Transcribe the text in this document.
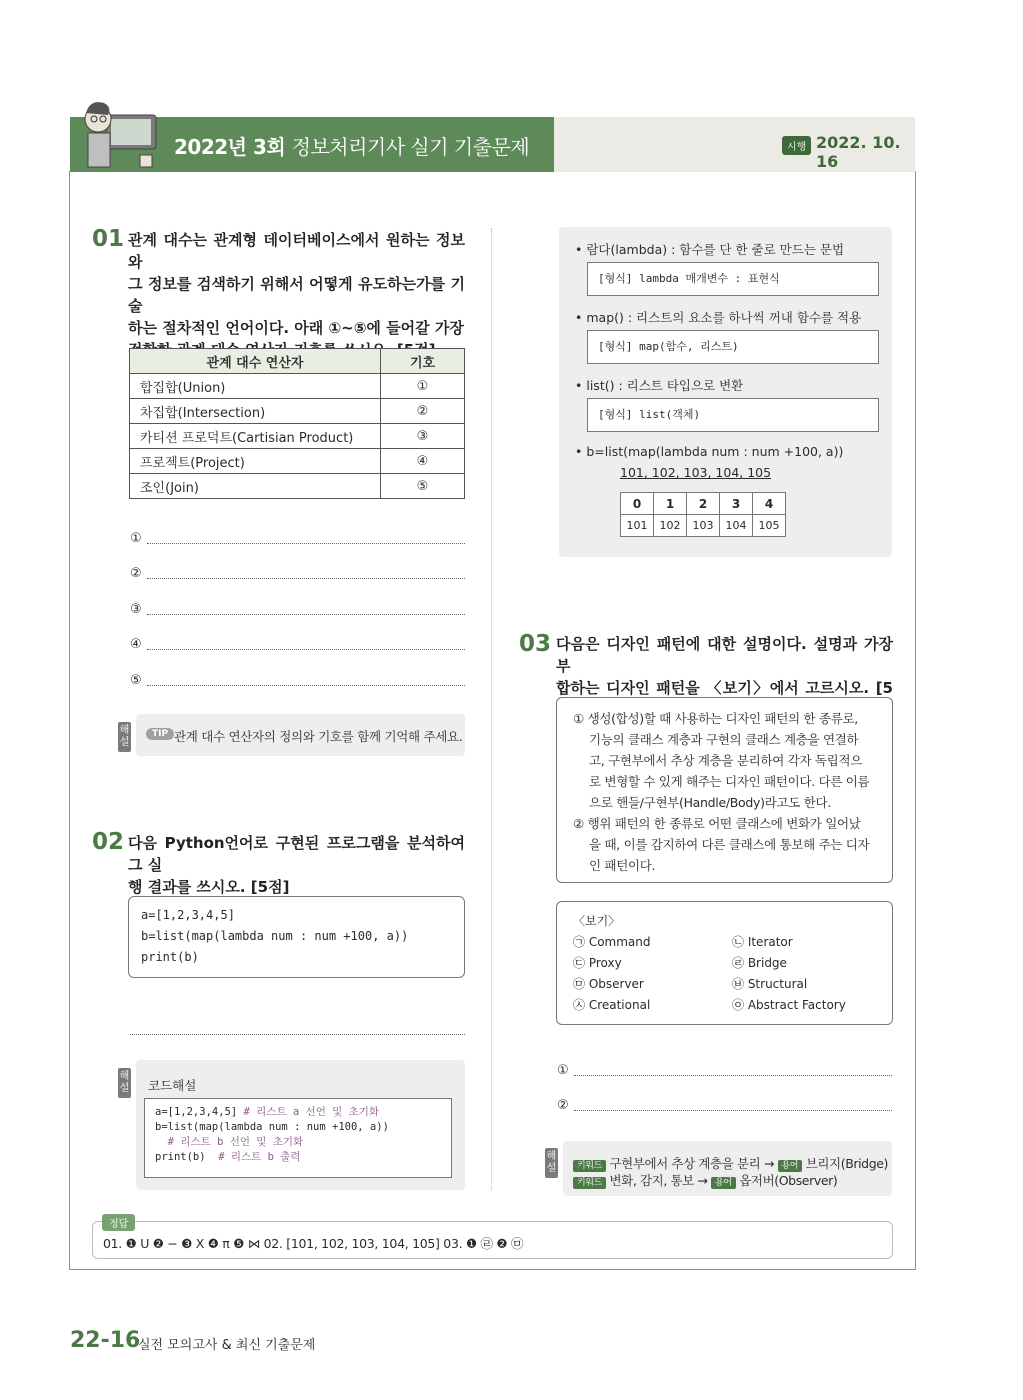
2022년 3회 정보처리기사 실기 기출문제	시행 2022. 10. 16
01 관계 대수는 관계형 데이터베이스에서 원하는 정보와
그 정보를 검색하기 위해서 어떻게 유도하는가를 기술
하는 절차적인 언어이다. 아래 ①~⑤에 들어갈 가장
관계 대수 연산자	기호
합집합(Union)	①
차집합(Intersection)	②
카티션 프로덕트(Cartisian Product)	③
프로젝트(Project)	④
조인(Join)	⑤
①
②
③
④
⑤
해설
TIP 관계 대수 연산자의 정의와 기호를 함께 기억해 주세요.
02 다음 Python언어로 구현된 프로그램을 분석하여 그 실
행 결과를 쓰시오. [5점]
a=[1,2,3,4,5]
b=list(map(lambda num : num +100, a))
print(b)
해설 코드해설
a=[1,2,3,4,5] # 리스트 a 선언 및 초기화
b=list(map(lambda num : num +100, a))
# 리스트 b 선언 및 초기화
print(b)  # 리스트 b 출력
• 람다(lambda) : 함수를 단 한 줄로 만드는 문법
[형식] lambda 매개변수 : 표현식
• map() : 리스트의 요소를 하나씩 꺼내 함수를 적용
[형식] map(함수, 리스트)
• list() : 리스트 타입으로 변환
[형식] list(객체)
• b=list(map(lambda num : num +100, a))
101, 102, 103, 104, 105
0	1	2	3	4
101	102	103	104	105
03 다음은 디자인 패턴에 대한 설명이다. 설명과 가장 부
합하는 디자인 패턴을 〈보기〉에서 고르시오. [5
① 생성(합성)할 때 사용하는 디자인 패턴의 한 종류로,
기능의 클래스 계층과 구현의 클래스 계층을 연결하
고, 구현부에서 추상 계층을 분리하여 각자 독립적으
로 변형할 수 있게 해주는 디자인 패턴이다. 다른 이름
으로 핸들/구현부(Handle/Body)라고도 한다.
② 행위 패턴의 한 종류로 어떤 클래스에 변화가 일어났
을 때, 이를 감지하여 다른 클래스에 통보해 주는 디자
인 패턴이다.
〈보기〉
㉠ Command
㉢ Proxy
㉤ Observer
㉦ Creational
㉡ Iterator
㉣ Bridge
㉥ Structural
㉧ Abstract Factory
①
②
해설	키워드 구현부에서 추상 계층을 분리 → 용어 브리지(Bridge)
키워드 변화, 감지, 통보 → 용어 옵저버(Observer)
정답
01. ❶ U ❷ − ❸ X ❹ π ❺ ⋈ 02. [101, 102, 103, 104, 105] 03. ❶ ㉣ ❷ ㉤
22-16
실전 모의고사 & 최신 기출문제
